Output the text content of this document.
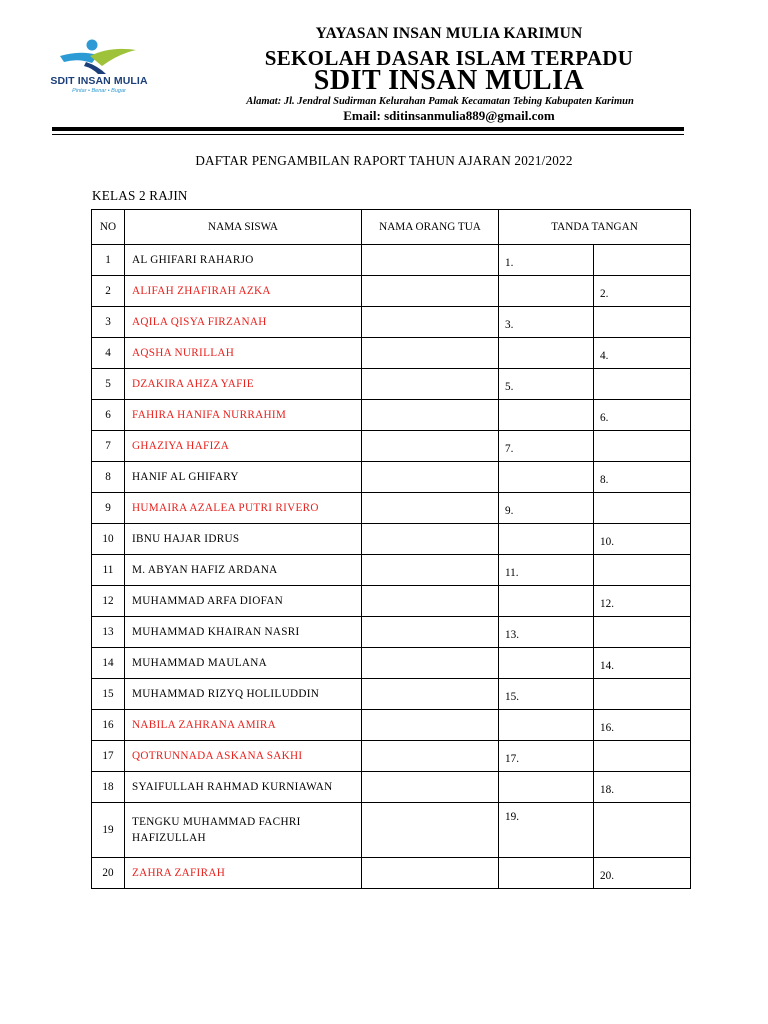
SDIT INSAN MULIA
Pintar • Benar • Bugar
YAYASAN INSAN MULIA KARIMUN
SEKOLAH DASAR ISLAM TERPADU
SDIT INSAN MULIA
Alamat: Jl. Jendral Sudirman Kelurahan Pamak Kecamatan Tebing Kabupaten Karimun
Email: sditinsanmulia889@gmail.com
DAFTAR PENGAMBILAN RAPORT TAHUN AJARAN 2021/2022
KELAS 2 RAJIN
NO	NAMA SISWA	NAMA ORANG TUA	TANDA TANGAN	
1	AL GHIFARI RAHARJO		1.	
2	ALIFAH ZHAFIRAH AZKA			2.
3	AQILA QISYA FIRZANAH		3.	
4	AQSHA NURILLAH			4.
5	DZAKIRA AHZA YAFIE		5.	
6	FAHIRA HANIFA NURRAHIM			6.
7	GHAZIYA HAFIZA		7.	
8	HANIF AL GHIFARY			8.
9	HUMAIRA AZALEA PUTRI RIVERO		9.	
10	IBNU HAJAR IDRUS			10.
11	M. ABYAN HAFIZ ARDANA		11.	
12	MUHAMMAD ARFA DIOFAN			12.
13	MUHAMMAD KHAIRAN NASRI		13.	
14	MUHAMMAD MAULANA			14.
15	MUHAMMAD RIZYQ HOLILUDDIN		15.	
16	NABILA ZAHRANA AMIRA			16.
17	QOTRUNNADA ASKANA SAKHI		17.	
18	SYAIFULLAH RAHMAD KURNIAWAN			18.
19	TENGKU MUHAMMAD FACHRI
HAFIZULLAH		19.	
20	ZAHRA ZAFIRAH			20.
